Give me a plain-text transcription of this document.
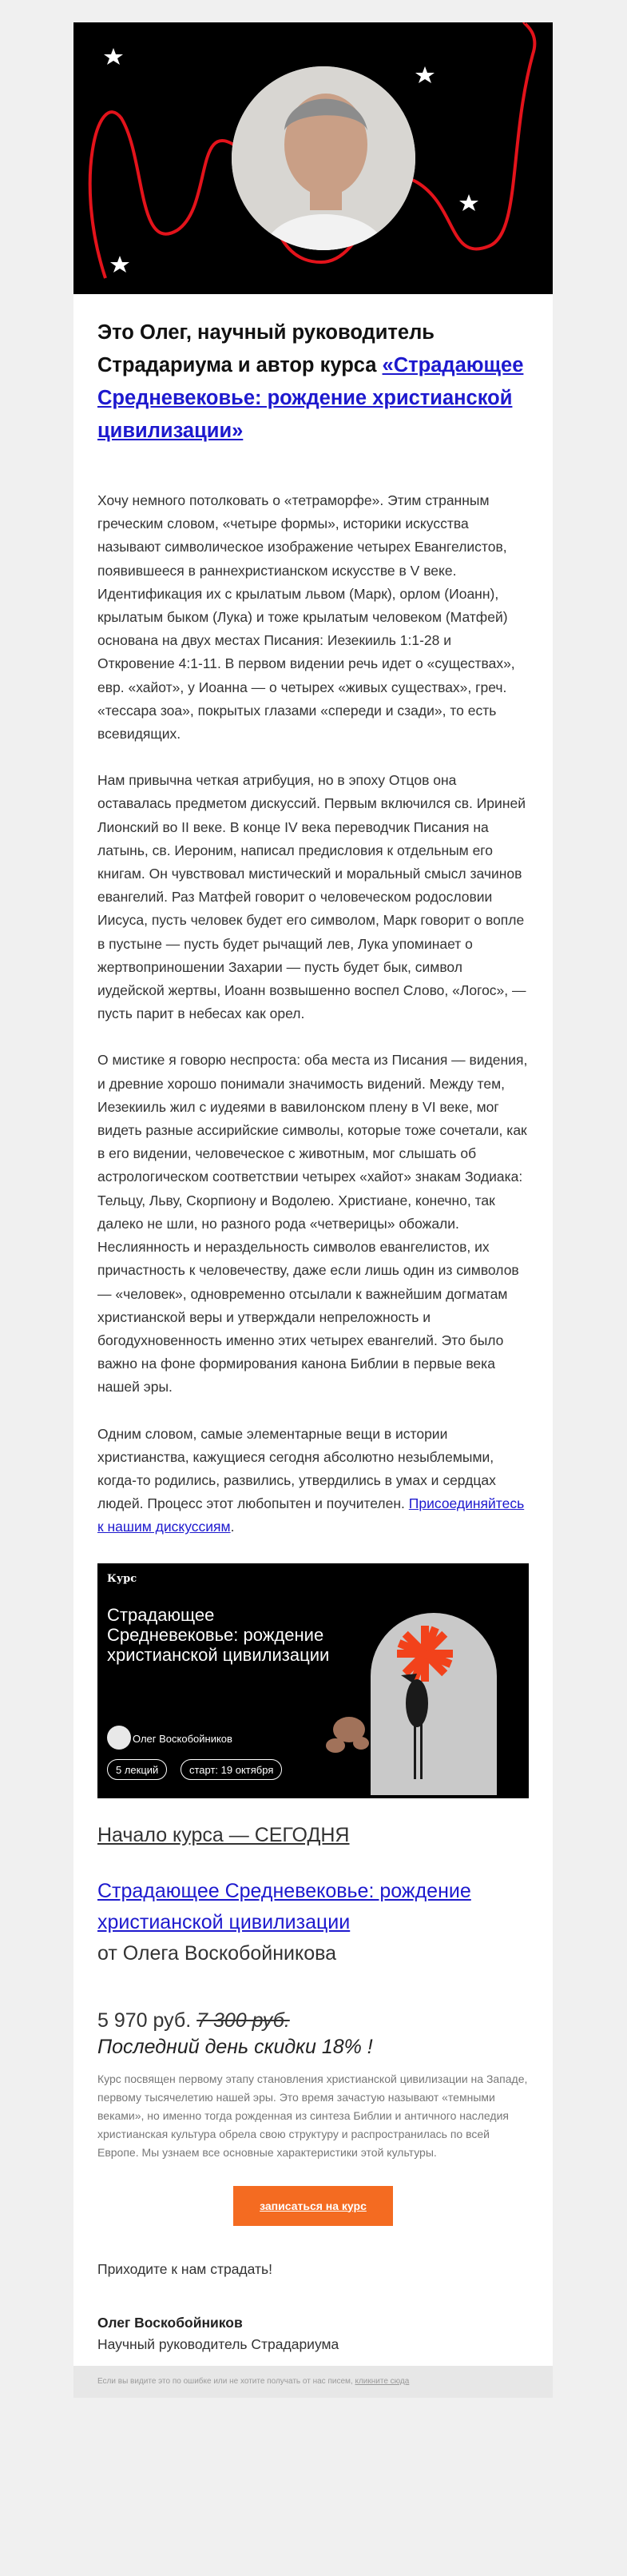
Это Олег, научный руководитель Страдариума и автор курса «Страдающее Средневековье: рождение христианской цивилизации»

Хочу немного потолковать о «тетраморфе». Этим странным греческим словом, «четыре формы», историки искусства называют символическое изображение четырех Евангелистов, появившееся в раннехристианском искусстве в V веке. Идентификация их с крылатым львом (Марк), орлом (Иоанн), крылатым быком (Лука) и тоже крылатым человеком (Матфей) основана на двух местах Писания: Иезекииль 1:1-28 и Откровение 4:1-11. В первом видении речь идет о «существах», евр. «хайот», у Иоанна — о четырех «живых существах», греч. «тессара зоа», покрытых глазами «спереди и сзади», то есть всевидящих.

Нам привычна четкая атрибуция, но в эпоху Отцов она оставалась предметом дискуссий. Первым включился св. Ириней Лионский во II веке. В конце IV века переводчик Писания на латынь, св. Иероним, написал предисловия к отдельным его книгам. Он чувствовал мистический и моральный смысл зачинов евангелий. Раз Матфей говорит о человеческом родословии Иисуса, пусть человек будет его символом, Марк говорит о вопле в пустыне — пусть будет рычащий лев, Лука упоминает о жертвоприношении Захарии — пусть будет бык, символ иудейской жертвы, Иоанн возвышенно воспел Слово, «Логос», — пусть парит в небесах как орел.

О мистике я говорю неспроста: оба места из Писания — видения, и древние хорошо понимали значимость видений. Между тем, Иезекииль жил с иудеями в вавилонском плену в VI веке, мог видеть разные ассирийские символы, которые тоже сочетали, как в его видении, человеческое с животным, мог слышать об астрологическом соответствии четырех «хайот» знакам Зодиака: Тельцу, Льву, Скорпиону и Водолею. Христиане, конечно, так далеко не шли, но разного рода «четверицы» обожали. Неслиянность и нераздельность символов евангелистов, их причастность к человечеству, даже если лишь один из символов — «человек», одновременно отсылали к важнейшим догматам христианской веры и утверждали непреложность и богодухновенность именно этих четырех евангелий. Это было важно на фоне формирования канона Библии в первые века нашей эры.

Одним словом, самые элементарные вещи в истории христианства, кажущиеся сегодня абсолютно незыблемыми, когда-то родились, развились, утвердились в умах и сердцах людей. Процесс этот любопытен и поучителен. Присоединяйтесь к нашим дискуссиям.

Курс
Страдающее Средневековье: рождение христианской цивилизации
Олег Воскобойников
5 лекций	старт: 19 октября
Начало курса — СЕГОДНЯ
Страдающее Средневековье: рождение христианской цивилизации
от Олега Воскобойникова
5 970 руб. 7 300 руб.
Последний день скидки 18% !
Курс посвящен первому этапу становления христианской цивилизации на Западе, первому тысячелетию нашей эры. Это время зачастую называют «темными веками», но именно тогда рожденная из синтеза Библии и античного наследия христианская культура обрела свою структуру и распространилась по всей Европе. Мы узнаем все основные характеристики этой культуры.
записаться на курс
Приходите к нам страдать!
Олег Воскобойников
Научный руководитель Страдариума
Если вы видите это по ошибке или не хотите получать от нас писем, кликните сюда
